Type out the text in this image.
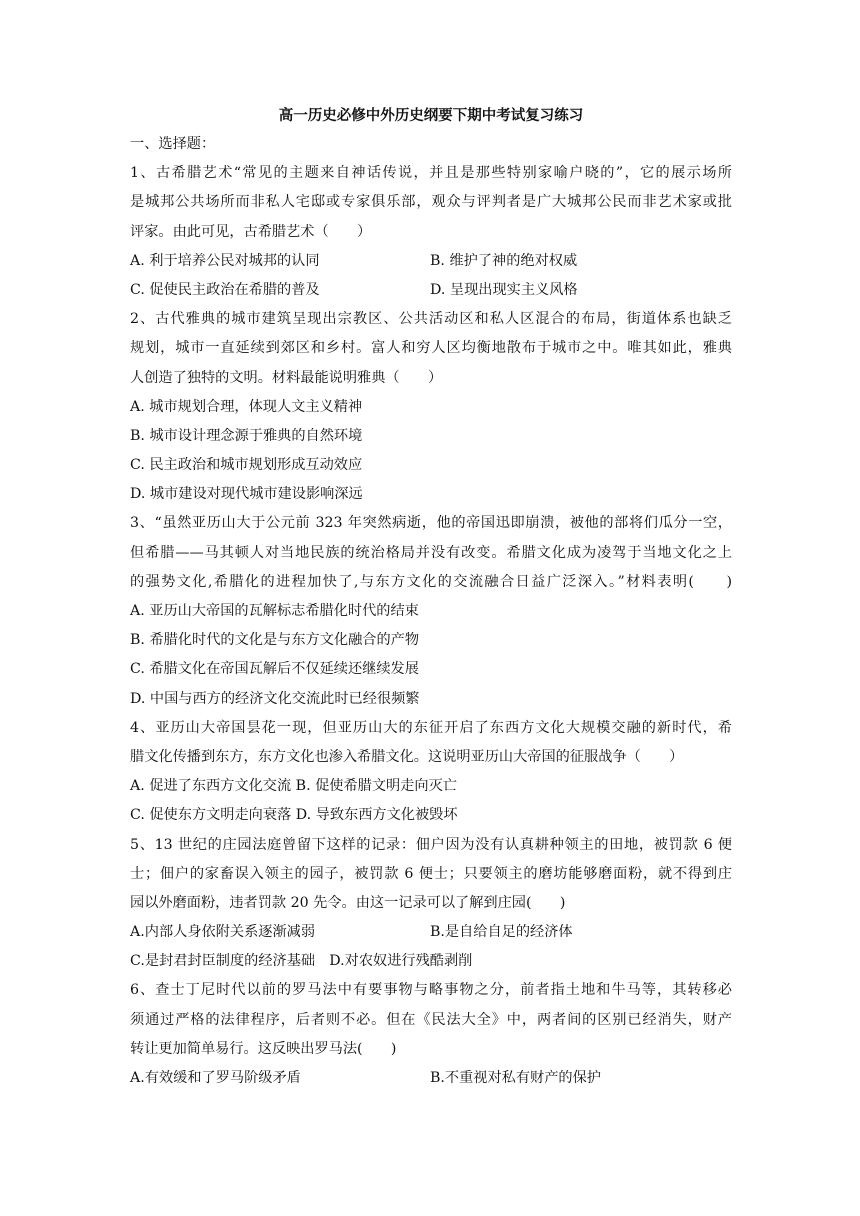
高一历史必修中外历史纲要下期中考试复习练习

一、选择题：

1、古希腊艺术“常见的主题来自神话传说，并且是那些特别家喻户晓的”，它的展示场所

是城邦公共场所而非私人宅邸或专家俱乐部，观众与评判者是广大城邦公民而非艺术家或批

评家。由此可见，古希腊艺术（　　）

A. 利于培养公民对城邦的认同	B. 维护了神的绝对权威
C. 促使民主政治在希腊的普及	D. 呈现出现实主义风格

2、古代雅典的城市建筑呈现出宗教区、公共活动区和私人区混合的布局，街道体系也缺乏

规划，城市一直延续到郊区和乡村。富人和穷人区均衡地散布于城市之中。唯其如此，雅典

人创造了独特的文明。材料最能说明雅典（　　）

A. 城市规划合理，体现人文主义精神

B. 城市设计理念源于雅典的自然环境

C. 民主政治和城市规划形成互动效应

D. 城市建设对现代城市建设影响深远

3、“虽然亚历山大于公元前 323 年突然病逝，他的帝国迅即崩溃，被他的部将们瓜分一空，

但希腊——马其顿人对当地民族的统治格局并没有改变。希腊文化成为凌驾于当地文化之上

的强势文化,希腊化的进程加快了,与东方文化的交流融合日益广泛深入。”材料表明(　　)

A. 亚历山大帝国的瓦解标志希腊化时代的结束

B. 希腊化时代的文化是与东方文化融合的产物

C. 希腊文化在帝国瓦解后不仅延续还继续发展

D. 中国与西方的经济文化交流此时已经很频繁

4、亚历山大帝国昙花一现，但亚历山大的东征开启了东西方文化大规模交融的新时代，希

腊文化传播到东方，东方文化也渗入希腊文化。这说明亚历山大帝国的征服战争（　　）

A. 促进了东西方文化交流 B. 促使希腊文明走向灭亡

C. 促使东方文明走向衰落 D. 导致东西方文化被毁坏

5、13 世纪的庄园法庭曾留下这样的记录：佃户因为没有认真耕种领主的田地，被罚款 6 便

士；佃户的家畜误入领主的园子，被罚款 6 便士；只要领主的磨坊能够磨面粉，就不得到庄

园以外磨面粉，违者罚款 20 先令。由这一记录可以了解到庄园(　　)

A.内部人身依附关系逐渐减弱	B.是自给自足的经济体

C.是封君封臣制度的经济基础　D.对农奴进行残酷剥削

6、查士丁尼时代以前的罗马法中有要事物与略事物之分，前者指土地和牛马等，其转移必

须通过严格的法律程序，后者则不必。但在《民法大全》中，两者间的区别已经消失，财产

转让更加简单易行。这反映出罗马法(　　)

A.有效缓和了罗马阶级矛盾	B.不重视对私有财产的保护
